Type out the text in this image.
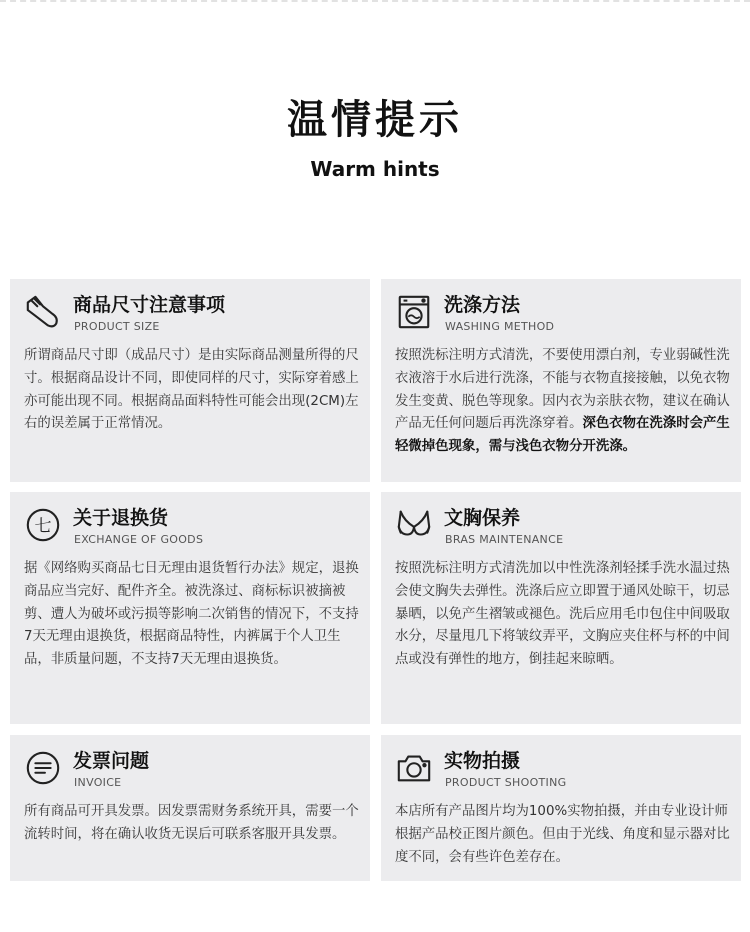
温情提示
Warm hints
商品尺寸注意事项
PRODUCT SIZE
所谓商品尺寸即（成品尺寸）是由实际商品测量所得的尺寸。根据商品设计不同，即使同样的尺寸，实际穿着感上亦可能出现不同。根据商品面料特性可能会出现(2CM)左右的误差属于正常情况。
洗涤方法
WASHING METHOD
按照洗标注明方式清洗，不要使用漂白剂，专业弱碱性洗衣液溶于水后进行洗涤，不能与衣物直接接触，以免衣物发生变黄、脱色等现象。因内衣为亲肤衣物，建议在确认产品无任何问题后再洗涤穿着。深色衣物在洗涤时会产生轻微掉色现象，需与浅色衣物分开洗涤。
七 关于退换货
EXCHANGE OF GOODS
据《网络购买商品七日无理由退货暂行办法》规定，退换商品应当完好、配件齐全。被洗涤过、商标标识被摘被剪、遭人为破坏或污损等影响二次销售的情况下，不支持7天无理由退换货，根据商品特性，内裤属于个人卫生品，非质量问题，不支持7天无理由退换货。
文胸保养
BRAS MAINTENANCE
按照洗标注明方式清洗加以中性洗涤剂轻揉手洗水温过热会使文胸失去弹性。洗涤后应立即置于通风处晾干，切忌暴晒，以免产生褶皱或褪色。洗后应用毛巾包住中间吸取水分，尽量甩几下将皱纹弄平，文胸应夹住杯与杯的中间点或没有弹性的地方，倒挂起来晾晒。
发票问题
INVOICE
所有商品可开具发票。因发票需财务系统开具，需要一个流转时间，将在确认收货无误后可联系客服开具发票。
实物拍摄
PRODUCT SHOOTING
本店所有产品图片均为100%实物拍摄，并由专业设计师根据产品校正图片颜色。但由于光线、角度和显示器对比度不同，会有些许色差存在。
